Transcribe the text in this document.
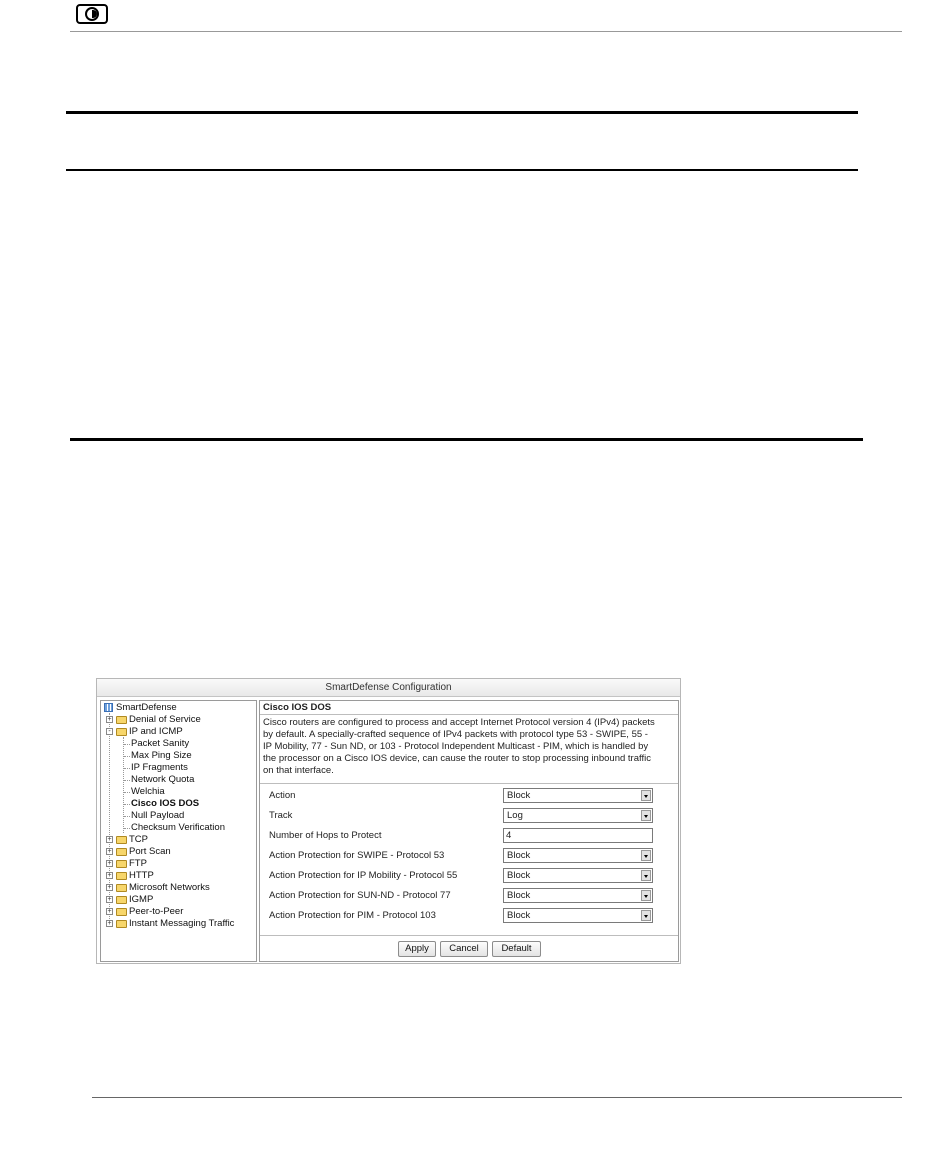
SmartDefense Configuration
SmartDefense
+ Denial of Service
- IP and ICMP
Packet Sanity
Max Ping Size
IP Fragments
Network Quota
Welchia
Cisco IOS DOS
Null Payload
Checksum Verification
+ TCP
+ Port Scan
+ FTP
+ HTTP
+ Microsoft Networks
+ IGMP
+ Peer-to-Peer
+ Instant Messaging Traffic
Cisco IOS DOS
Cisco routers are configured to process and accept Internet Protocol version 4 (IPv4) packets
by default. A specially-crafted sequence of IPv4 packets with protocol type 53 - SWIPE, 55 -
IP Mobility, 77 - Sun ND, or 103 - Protocol Independent Multicast - PIM, which is handled by
the processor on a Cisco IOS device, can cause the router to stop processing inbound traffic
on that interface.
Action	Block
Track	Log
Number of Hops to Protect	4
Action Protection for SWIPE - Protocol 53	Block
Action Protection for IP Mobility - Protocol 55	Block
Action Protection for SUN-ND - Protocol 77	Block
Action Protection for PIM - Protocol 103	Block
Apply	Cancel	Default
